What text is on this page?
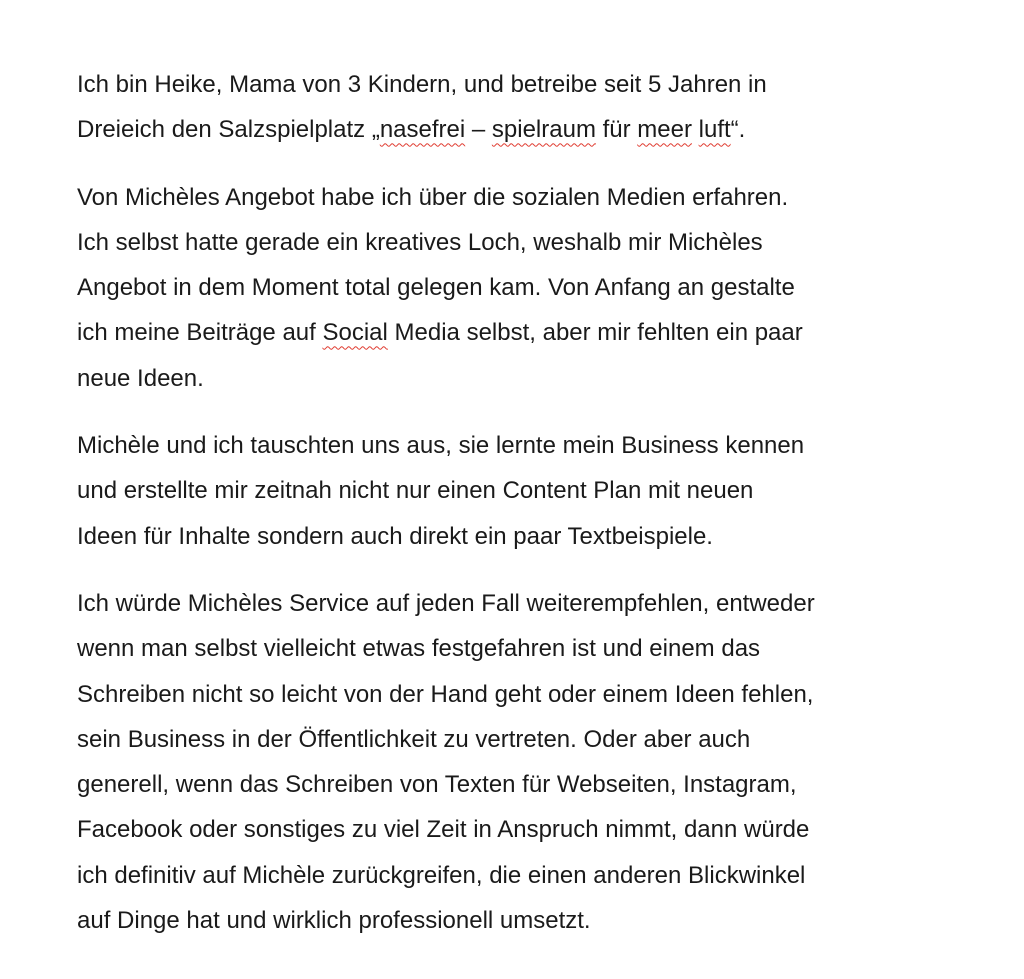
Ich bin Heike, Mama von 3 Kindern, und betreibe seit 5 Jahren in
Dreieich den Salzspielplatz „nasefrei – spielraum für meer luft“.
Von Michèles Angebot habe ich über die sozialen Medien erfahren.
Ich selbst hatte gerade ein kreatives Loch, weshalb mir Michèles
Angebot in dem Moment total gelegen kam. Von Anfang an gestalte
ich meine Beiträge auf Social Media selbst, aber mir fehlten ein paar
neue Ideen.
Michèle und ich tauschten uns aus, sie lernte mein Business kennen
und erstellte mir zeitnah nicht nur einen Content Plan mit neuen
Ideen für Inhalte sondern auch direkt ein paar Textbeispiele.
Ich würde Michèles Service auf jeden Fall weiterempfehlen, entweder
wenn man selbst vielleicht etwas festgefahren ist und einem das
Schreiben nicht so leicht von der Hand geht oder einem Ideen fehlen,
sein Business in der Öffentlichkeit zu vertreten. Oder aber auch
generell, wenn das Schreiben von Texten für Webseiten, Instagram,
Facebook oder sonstiges zu viel Zeit in Anspruch nimmt, dann würde
ich definitiv auf Michèle zurückgreifen, die einen anderen Blickwinkel
auf Dinge hat und wirklich professionell umsetzt.
